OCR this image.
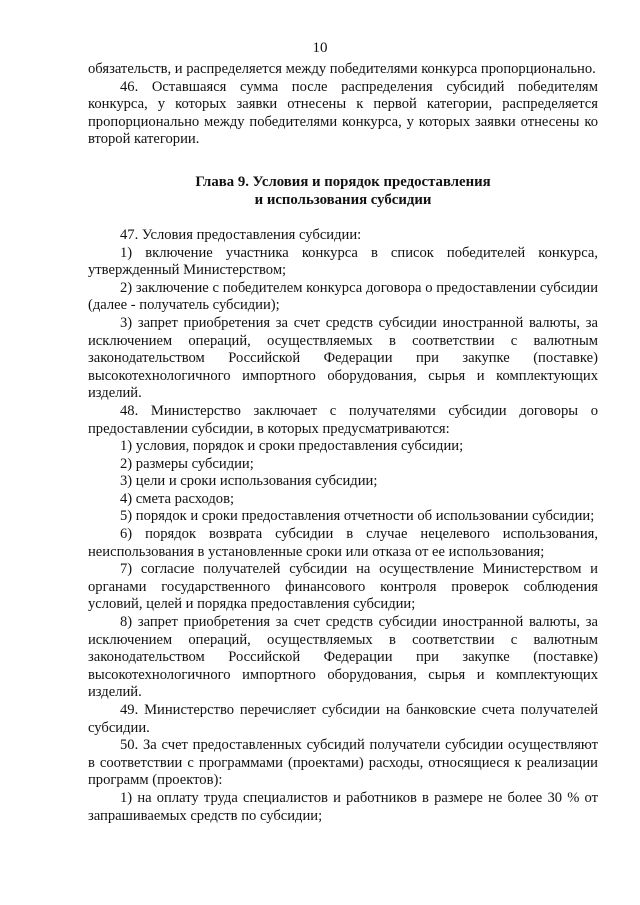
10

обязательств, и распределяется между победителями конкурса пропорционально.

46. Оставшаяся сумма после распределения субсидий победителям конкурса, у которых заявки отнесены к первой категории, распределяется пропорционально между победителями конкурса, у которых заявки отнесены ко второй категории.

Глава 9. Условия и порядок предоставления
и использования субсидии

47. Условия предоставления субсидии:

1) включение участника конкурса в список победителей конкурса, утвержденный Министерством;

2) заключение с победителем конкурса договора о предоставлении субсидии (далее - получатель субсидии);

3) запрет приобретения за счет средств субсидии иностранной валюты, за исключением операций, осуществляемых в соответствии с валютным законодательством Российской Федерации при закупке (поставке) высокотехнологичного импортного оборудования, сырья и комплектующих изделий.

48. Министерство заключает с получателями субсидии договоры о предоставлении субсидии, в которых предусматриваются:

1) условия, порядок и сроки предоставления субсидии;

2) размеры субсидии;

3) цели и сроки использования субсидии;

4) смета расходов;

5) порядок и сроки предоставления отчетности об использовании субсидии;

6) порядок возврата субсидии в случае нецелевого использования, неиспользования в установленные сроки или отказа от ее использования;

7) согласие получателей субсидии на осуществление Министерством и органами государственного финансового контроля проверок соблюдения условий, целей и порядка предоставления субсидии;

8) запрет приобретения за счет средств субсидии иностранной валюты, за исключением операций, осуществляемых в соответствии с валютным законодательством Российской Федерации при закупке (поставке) высокотехнологичного импортного оборудования, сырья и комплектующих изделий.

49. Министерство перечисляет субсидии на банковские счета получателей субсидии.

50. За счет предоставленных субсидий получатели субсидии осуществляют в соответствии с программами (проектами) расходы, относящиеся к реализации программ (проектов):

1) на оплату труда специалистов и работников в размере не более 30 % от запрашиваемых средств по субсидии;
